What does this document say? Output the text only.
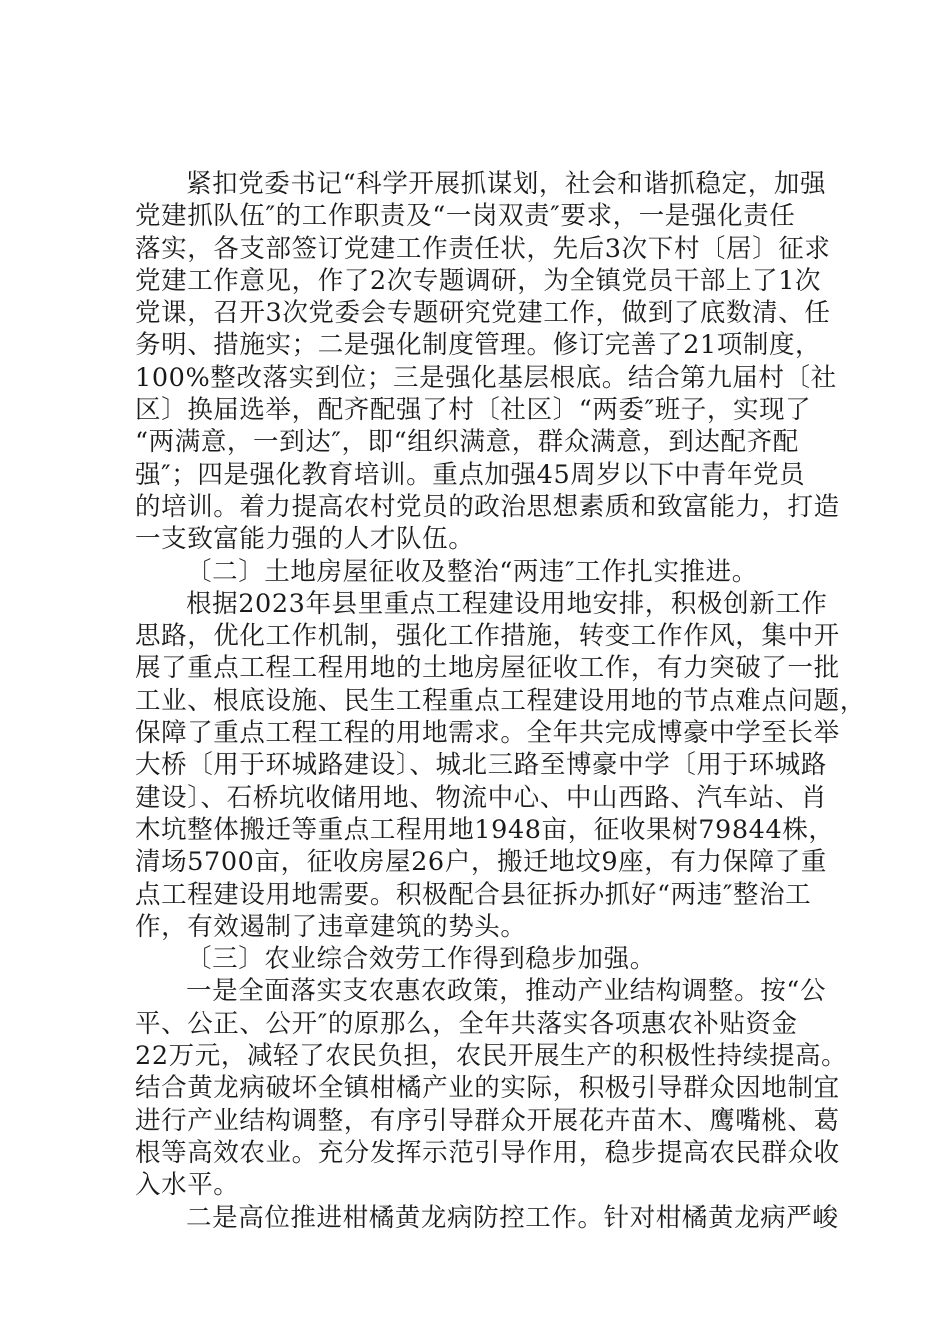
紧扣党委书记“科学开展抓谋划，社会和谐抓稳定，加强
党建抓队伍″的工作职责及“一岗双责″要求，一是强化责任
落实，各支部签订党建工作责任状，先后3次下村〔居〕征求
党建工作意见，作了2次专题调研，为全镇党员干部上了1次
党课，召开3次党委会专题研究党建工作，做到了底数清、任
务明、措施实；二是强化制度管理。修订完善了21项制度，
100%整改落实到位；三是强化基层根底。结合第九届村〔社
区〕换届选举，配齐配强了村〔社区〕“两委″班子，实现了
“两满意，一到达″，即“组织满意，群众满意，到达配齐配
强″；四是强化教育培训。重点加强45周岁以下中青年党员
的培训。着力提高农村党员的政治思想素质和致富能力，打造
一支致富能力强的人才队伍。
〔二〕土地房屋征收及整治“两违″工作扎实推进。
根据2023年县里重点工程建设用地安排，积极创新工作
思路，优化工作机制，强化工作措施，转变工作作风，集中开
展了重点工程工程用地的土地房屋征收工作，有力突破了一批
工业、根底设施、民生工程重点工程建设用地的节点难点问题，
保障了重点工程工程的用地需求。全年共完成博豪中学至长举
大桥〔用于环城路建设〕、城北三路至博豪中学〔用于环城路
建设〕、石桥坑收储用地、物流中心、中山西路、汽车站、肖
木坑整体搬迁等重点工程用地1948亩，征收果树79844株，
清场5700亩，征收房屋26户，搬迁地坟9座，有力保障了重
点工程建设用地需要。积极配合县征拆办抓好“两违″整治工
作，有效遏制了违章建筑的势头。
〔三〕农业综合效劳工作得到稳步加强。
一是全面落实支农惠农政策，推动产业结构调整。按“公
平、公正、公开″的原那么，全年共落实各项惠农补贴资金
22万元，减轻了农民负担，农民开展生产的积极性持续提高。
结合黄龙病破坏全镇柑橘产业的实际，积极引导群众因地制宜
进行产业结构调整，有序引导群众开展花卉苗木、鹰嘴桃、葛
根等高效农业。充分发挥示范引导作用，稳步提高农民群众收
入水平。
二是高位推进柑橘黄龙病防控工作。针对柑橘黄龙病严峻
